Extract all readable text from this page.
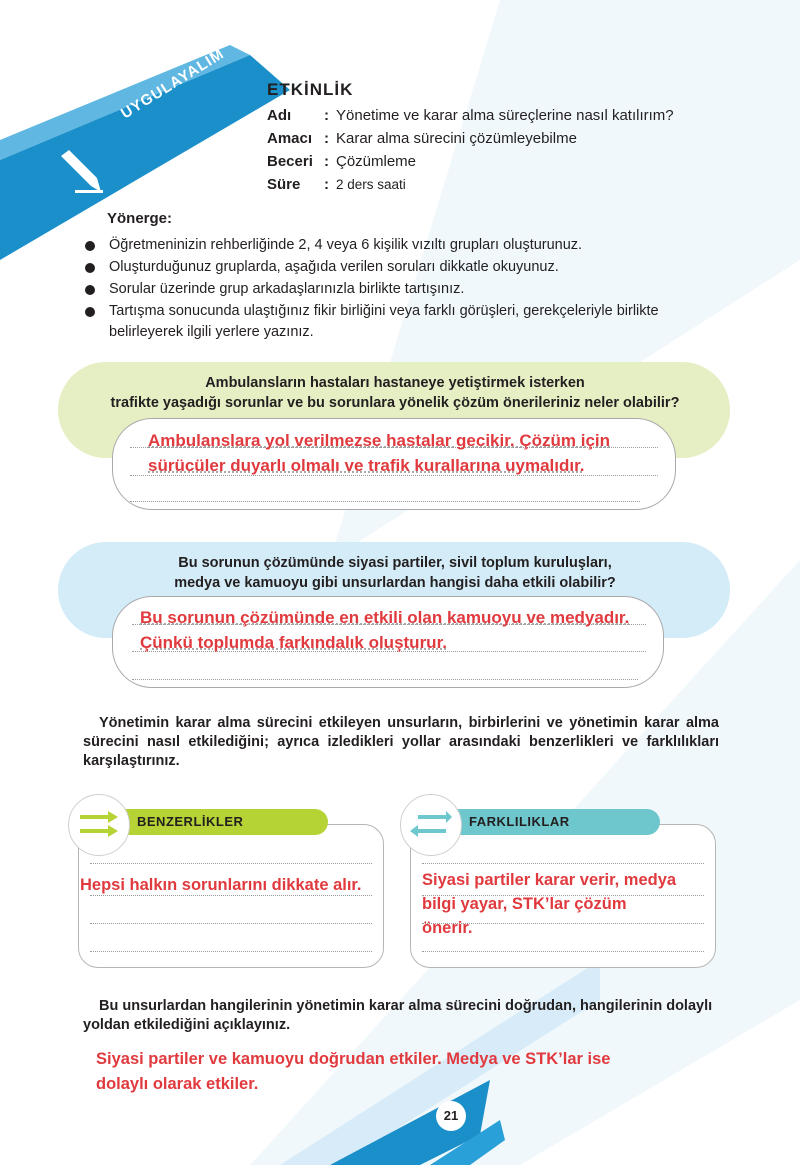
UYGULAYALIM ETKİNLİK
Adı	: Yönetime ve karar alma süreçlerine nasıl katılırım?
Amacı : Karar alma sürecini çözümleyebilme
Beceri : Çözümleme
Süre	: 2 ders saati
Yönerge:
Öğretmeninizin rehberliğinde 2, 4 veya 6 kişilik vızıltı grupları oluşturunuz.
Oluşturduğunuz gruplarda, aşağıda verilen soruları dikkatle okuyunuz.
Sorular üzerinde grup arkadaşlarınızla birlikte tartışınız.
Tartışma sonucunda ulaştığınız fikir birliğini veya farklı görüşleri, gerekçeleriyle birlikte belirleyerek ilgili yerlere yazınız.
Ambulansların hastaları hastaneye yetiştirmek isterken
trafikte yaşadığı sorunlar ve bu sorunlara yönelik çözüm önerileriniz neler olabilir?
Ambulanslara yol verilmezse hastalar gecikir. Çözüm için
sürücüler duyarlı olmalı ve trafik kurallarına uymalıdır.
Bu sorunun çözümünde siyasi partiler, sivil toplum kuruluşları,
medya ve kamuoyu gibi unsurlardan hangisi daha etkili olabilir?
Bu sorunun çözümünde en etkili olan kamuoyu ve medyadır.
Çünkü toplumda farkındalık oluşturur.
Yönetimin karar alma sürecini etkileyen unsurların, birbirlerini ve yönetimin karar alma sürecini nasıl etkilediğini; ayrıca izledikleri yollar arasındaki benzerlikleri ve farklılıkları karşılaştırınız.
BENZERLİKLER
Hepsi halkın sorunlarını dikkate alır.
FARKLILIKLAR
Siyasi partiler karar verir, medya
bilgi yayar, STK’lar çözüm
önerir.
Bu unsurlardan hangilerinin yönetimin karar alma sürecini doğrudan, hangilerinin dolaylı yoldan etkilediğini açıklayınız.
Siyasi partiler ve kamuoyu doğrudan etkiler. Medya ve STK’lar ise
dolaylı olarak etkiler.
21
